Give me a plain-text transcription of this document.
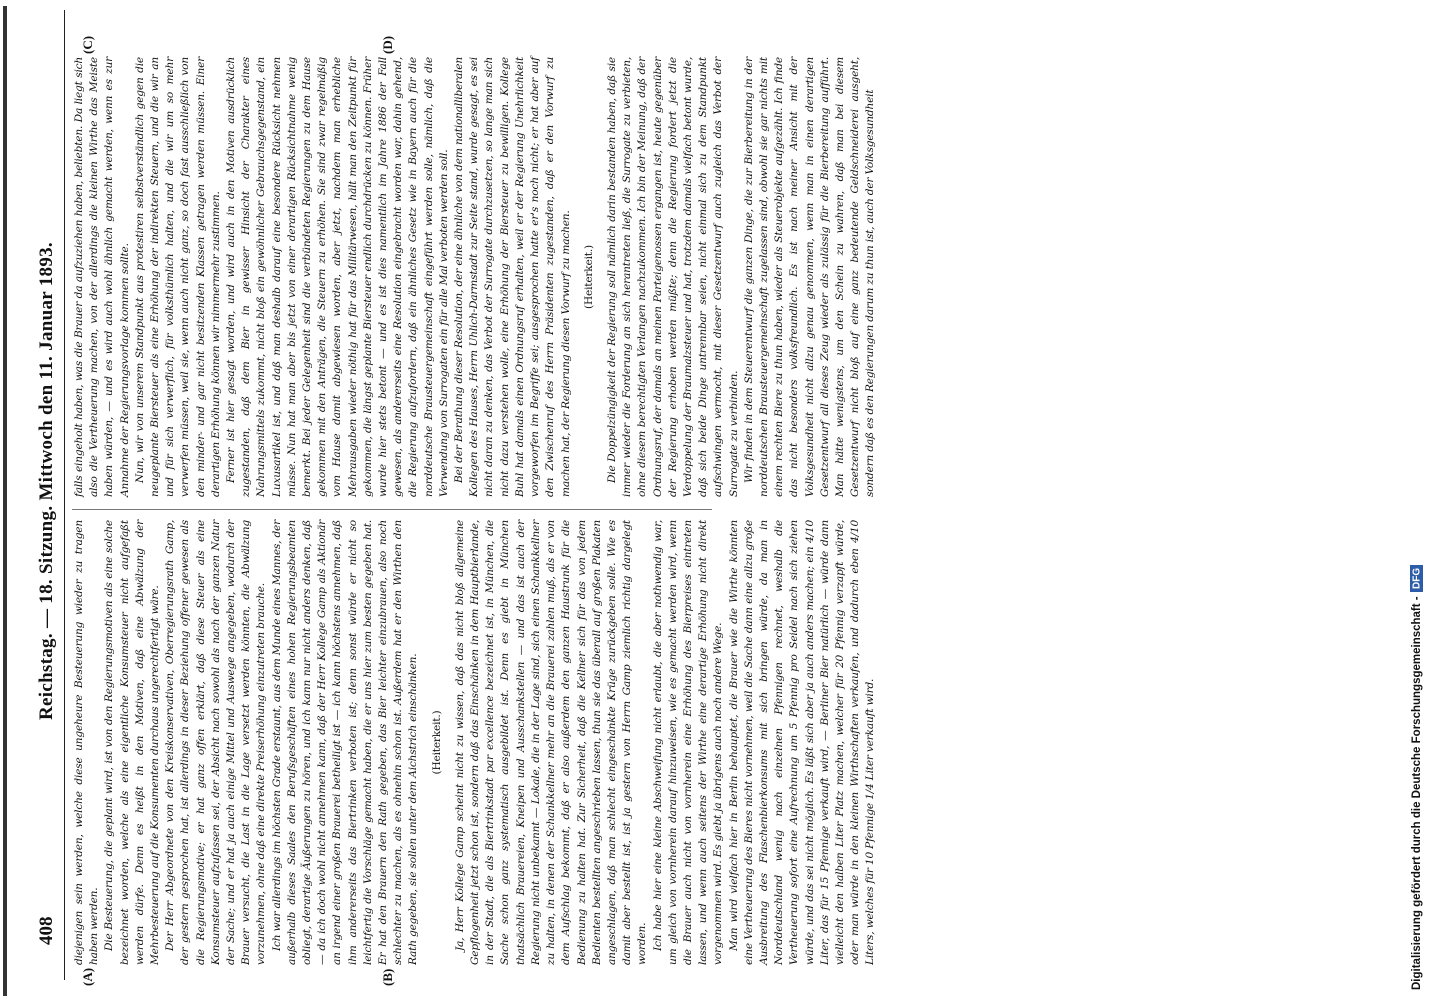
408
Reichstag. — 18. Sitzung. Mittwoch den 11. Januar 1893.
(A)	(B)
(C)	(D)

diejenigen sein werden, welche diese ungeheure Besteuerung wieder zu tragen haben werden. Die Besteuerung, die geplant wird, ist von den Regierungsmotiven als eine solche bezeichnet worden, welche als eine eigentliche Konsumsteuer nicht aufgefaßt werden dürfe. Denn es heißt in den Motiven, daß eine Abwälzung der Mehrbesteuerung auf die Konsumenten durchaus ungerechtfertigt wäre. Der Herr Abgeordnete von den Kreiskonservativen, Oberregierungsrath Gamp, der gestern gesprochen hat, ist allerdings in dieser Beziehung offener gewesen als die Regierungsmotive; er hat ganz offen erklärt, daß diese Steuer als eine Konsumsteuer aufzufassen sei, der Absicht nach sowohl als nach der ganzen Natur der Sache; und er hat ja auch einige Mittel und Auswege angegeben, wodurch der Brauer versucht, die Last in die Lage versetzt werden könnten, die Abwälzung vorzunehmen, ohne daß eine direkte Preiserhöhung einzutreten brauche. Ich war allerdings im höchsten Grade erstaunt, aus dem Munde eines Mannes, der außerhalb dieses Saales den Berufsgeschäften eines hohen Regierungsbeamten obliegt, derartige Äußerungen zu hören, und ich kann nur nicht anders denken, daß — da ich doch wohl nicht annehmen kann, daß der Herr Kollege Gamp als Aktionär an irgend einer großen Brauerei betheiligt ist — ich kann höchstens annehmen, daß ihm andererseits das Biertrinken verboten ist; denn sonst würde er nicht so leichtfertig die Vorschläge gemacht haben, die er uns hier zum besten gegeben hat. Er hat den Brauern den Rath gegeben, das Bier leichter einzubrauen, also noch schlechter zu machen, als es ohnehin schon ist. Außerdem hat er den Wirthen den Rath gegeben, sie sollen unter dem Aichstrich einschänken. (Heiterkeit.) Ja, Herr Kollege Gamp scheint nicht zu wissen, daß das nicht bloß allgemeine Gepflogenheit jetzt schon ist, sondern daß das Einschänken in dem Hauptbierlande, in der Stadt, die als Biertrinkstadt par excellence bezeichnet ist, in München, die Sache schon ganz systematisch ausgebildet ist. Denn es giebt in München thatsächlich Brauereien, Kneipen und Ausschankstellen — und das ist auch der Regierung nicht unbekannt — Lokale, die in der Lage sind, sich einen Schankkellner zu halten, in denen der Schankkellner mehr an die Brauerei zahlen muß, als er von dem Aufschlag bekommt, daß er also außerdem den ganzen Haustrunk für die Bedienung zu halten hat. Zur Sicherheit, daß die Kellner sich für das von jedem Bedienten bestellten angeschrieben lassen, thun sie das überall auf großen Plakaten angeschlagen, daß man schlecht eingeschänkte Krüge zurückgeben solle. Wie es damit aber bestellt ist, ist ja gestern von Herrn Gamp ziemlich richtig dargelegt worden. Ich habe hier eine kleine Abschweifung nicht erlaubt, die aber nothwendig war, um gleich von vornherein darauf hinzuweisen, wie es gemacht werden wird, wenn die Brauer auch nicht von vornherein eine Erhöhung des Bierpreises eintreten lassen, und wenn auch seitens der Wirthe eine derartige Erhöhung nicht direkt vorgenommen wird. Es giebt ja übrigens auch noch andere Wege. Man wird vielfach hier in Berlin behauptet, die Brauer wie die Wirthe könnten eine Vertheuerung des Bieres nicht vornehmen, weil die Sache dann eine allzu große Ausbreitung des Flaschenbierkonsums mit sich bringen würde, da man in Norddeutschland wenig nach einzelnen Pfennigen rechnet, weshalb die Vertheuerung sofort eine Aufrechnung um 5 Pfennig pro Seidel nach sich ziehen würde, und das sei nicht möglich. Es läßt sich aber ja auch anders machen; ein 4/10 Liter, das für 15 Pfennige verkauft wird, — Berliner Bier natürlich — würde dann vielleicht den halben Liter Platz machen, welcher für 20 Pfennig verzapft würde, oder man würde in den kleinen Wirthschaften verkaufen, und dadurch eben 4/10 Liters, welches für 10 Pfennige 1/4 Liter verkauft wird.

falls eingeholt haben, was die Brauer da aufzuziehen haben, beliebten. Da liegt sich also die Vertheuerung machen, von der allerdings die kleinen Wirthe das Meiste haben würden, — und es wird auch wohl ähnlich gemacht werden, wenn es zur Annahme der Regierungsvorlage kommen sollte. Nun, wir von unserem Standpunkt aus protestiren selbstverständlich gegen die neugeplante Biersteuer als eine Erhöhung der indirekten Steuern, und die wir an und für sich verwerflich, für volksthümlich halten, und die wir um so mehr verwerfen müssen, weil sie, wenn auch nicht ganz, so doch fast ausschließlich von den minder- und gar nicht besitzenden Klassen getragen werden müssen. Einer derartigen Erhöhung können wir nimmermehr zustimmen. Ferner ist hier gesagt worden, und wird auch in den Motiven ausdrücklich zugestanden, daß dem Bier in gewisser Hinsicht der Charakter eines Nahrungsmittels zukommt, nicht bloß ein gewöhnlicher Gebrauchsgegenstand, ein Luxusartikel ist, und daß man deshalb darauf eine besondere Rücksicht nehmen müsse. Nun hat man aber bis jetzt von einer derartigen Rücksichtnahme wenig bemerkt. Bei jeder Gelegenheit sind die verbündeten Regierungen zu dem Hause gekommen mit den Anträgen, die Steuern zu erhöhen. Sie sind zwar regelmäßig vom Hause damit abgewiesen worden, aber jetzt, nachdem man erhebliche Mehrausgaben wieder nöthig hat für das Militärwesen, hält man den Zeitpunkt für gekommen, die längst geplante Biersteuer endlich durchdrücken zu können. Früher wurde hier stets betont — und es ist dies namentlich im Jahre 1886 der Fall gewesen, als andererseits eine Resolution eingebracht worden war, dahin gehend, die Regierung aufzufordern, daß ein ähnliches Gesetz wie in Bayern auch für die norddeutsche Brausteuergemeinschaft eingeführt werden solle, nämlich, daß die Verwendung von Surrogaten ein für alle Mal verboten werden soll. Bei der Berathung dieser Resolution, der eine ähnliche von dem nationalliberalen Kollegen des Hauses, Herrn Uhlich-Darmstadt zur Seite stand, wurde gesagt, es sei nicht daran zu denken, das Verbot der Surrogate durchzusetzen, so lange man sich nicht dazu verstehen wolle, eine Erhöhung der Biersteuer zu bewilligen. Kollege Buhl hat damals einen Ordnungsruf erhalten, weil er der Regierung Unehrlichkeit vorgeworfen im Begriffe sei; ausgesprochen hatte er's noch nicht; er hat aber auf den Zwischenruf des Herrn Präsidenten zugestanden, daß er den Vorwurf zu machen hat, der Regierung diesen Vorwurf zu machen. (Heiterkeit.) Die Doppelzüngigkeit der Regierung soll nämlich darin bestanden haben, daß sie immer wieder die Forderung an sich herantreten ließ, die Surrogate zu verbieten, ohne diesem berechtigten Verlangen nachzukommen. Ich bin der Meinung, daß der Ordnungsruf, der damals an meinen Parteigenossen ergangen ist, heute gegenüber der Regierung erhoben werden müßte; denn die Regierung fordert jetzt die Verdoppelung der Braumalzsteuer und hat, trotzdem damals vielfach betont wurde, daß sich beide Dinge untrennbar seien, nicht einmal sich zu dem Standpunkt aufschwingen vermocht, mit dieser Gesetzentwurf auch zugleich das Verbot der Surrogate zu verbinden. Wir finden in dem Steuerentwurf die ganzen Dinge, die zur Bierbereitung in der norddeutschen Brausteuergemeinschaft zugelassen sind, obwohl sie gar nichts mit einem rechten Biere zu thun haben, wieder als Steuerobjekte aufgezählt. Ich finde das nicht besonders volksfreundlich. Es ist nach meiner Ansicht mit der Volksgesundheit nicht allzu genau genommen, wenn man in einen derartigen Gesetzentwurf all dieses Zeug wieder als zulässig für die Bierbereitung aufführt. Man hätte wenigstens, um den Schein zu wahren, daß man bei diesem Gesetzentwurf nicht bloß auf eine ganz bedeutende Geldschneiderei ausgeht, sondern daß es den Regierungen darum zu thun ist, auch der Volksgesundheit

Digitalisierung gefördert durch die Deutsche Forschungsgemeinschaft -
DFG
